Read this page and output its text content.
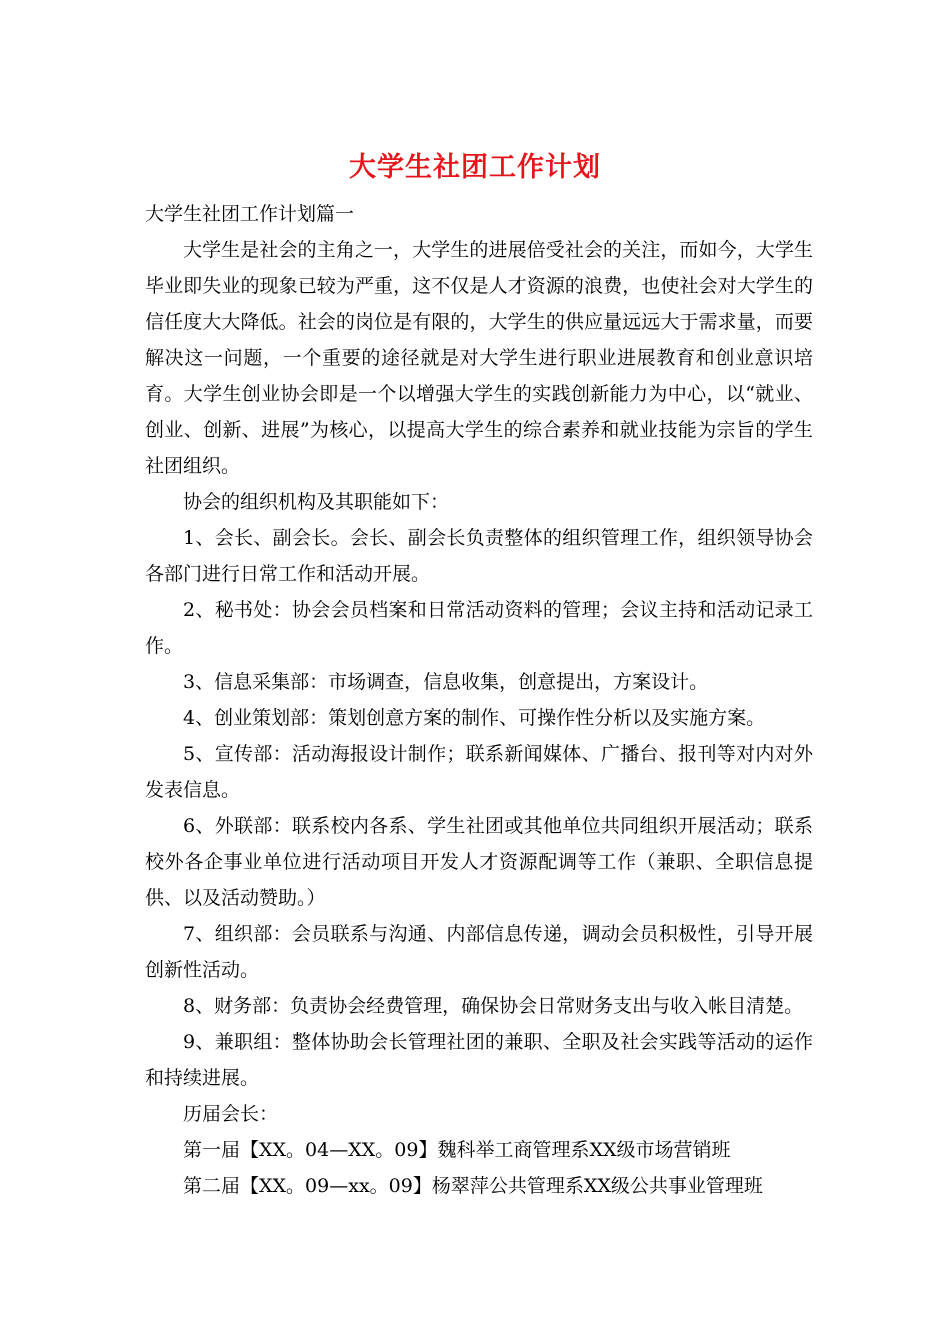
大学生社团工作计划

大学生社团工作计划篇一

大学生是社会的主角之一，大学生的进展倍受社会的关注，而如今，大学生毕业即失业的现象已较为严重，这不仅是人才资源的浪费，也使社会对大学生的信任度大大降低。社会的岗位是有限的，大学生的供应量远远大于需求量，而要解决这一问题，一个重要的途径就是对大学生进行职业进展教育和创业意识培育。大学生创业协会即是一个以增强大学生的实践创新能力为中心，以“就业、创业、创新、进展”为核心，以提高大学生的综合素养和就业技能为宗旨的学生社团组织。

协会的组织机构及其职能如下：

1、会长、副会长。会长、副会长负责整体的组织管理工作，组织领导协会各部门进行日常工作和活动开展。

2、秘书处：协会会员档案和日常活动资料的管理；会议主持和活动记录工作。

3、信息采集部：市场调查，信息收集，创意提出，方案设计。

4、创业策划部：策划创意方案的制作、可操作性分析以及实施方案。

5、宣传部：活动海报设计制作；联系新闻媒体、广播台、报刊等对内对外发表信息。

6、外联部：联系校内各系、学生社团或其他单位共同组织开展活动；联系校外各企事业单位进行活动项目开发人才资源配调等工作（兼职、全职信息提供、以及活动赞助。）

7、组织部：会员联系与沟通、内部信息传递，调动会员积极性，引导开展创新性活动。

8、财务部：负责协会经费管理，确保协会日常财务支出与收入帐目清楚。

9、兼职组：整体协助会长管理社团的兼职、全职及社会实践等活动的运作和持续进展。

历届会长：

第一届【XX。04—XX。09】魏科举工商管理系XX级市场营销班

第二届【XX。09—xx。09】杨翠萍公共管理系XX级公共事业管理班
